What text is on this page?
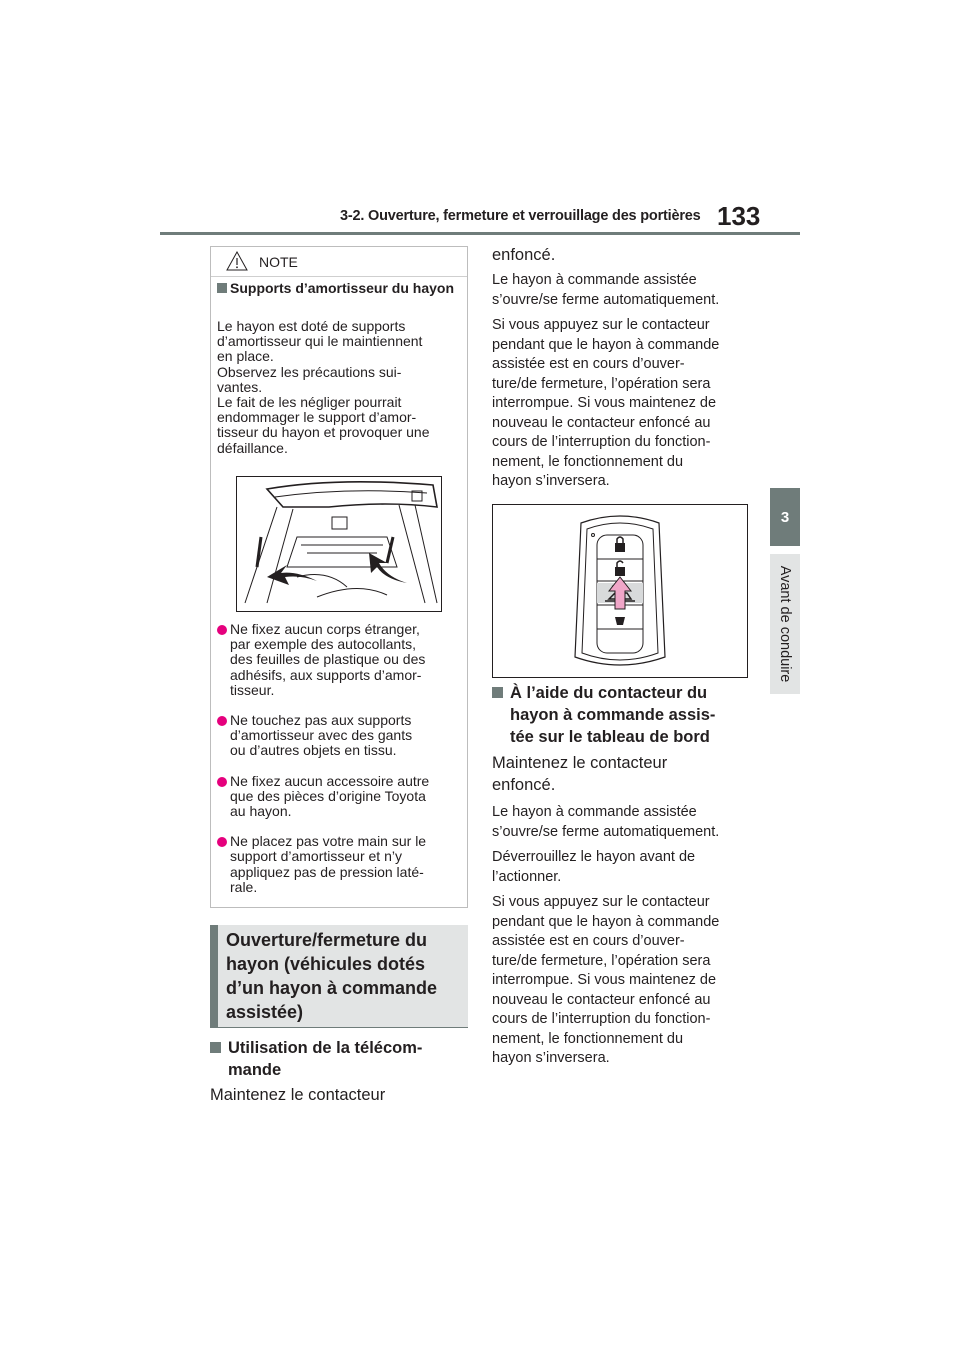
3-2. Ouverture, fermeture et verrouillage des portières 133
3
Avant de conduire
NOTE
Supports d’amortisseur du hayon

Le hayon est doté de supports

d’amortisseur qui le maintiennent

en place.

Observez les précautions sui-

vantes.

Le fait de les négliger pourrait

endommager le support d’amor-

tisseur du hayon et provoquer une

défaillance.

Ne fixez aucun corps étranger,
par exemple des autocollants,
des feuilles de plastique ou des
adhésifs, aux supports d’amor-
tisseur.
Ne touchez pas aux supports
d’amortisseur avec des gants
ou d’autres objets en tissu.
Ne fixez aucun accessoire autre
que des pièces d’origine Toyota
au hayon.
Ne placez pas votre main sur le
support d’amortisseur et n’y
appliquez pas de pression laté-
rale.
Ouverture/fermeture du
hayon (véhicules dotés
d’un hayon à commande
assistée)
Utilisation de la télécom-
mande
Maintenez le contacteur
enfoncé.
Le hayon à commande assistée
s’ouvre/se ferme automatiquement.
Si vous appuyez sur le contacteur
pendant que le hayon à commande
assistée est en cours d’ouver-
ture/de fermeture, l’opération sera
interrompue. Si vous maintenez de
nouveau le contacteur enfoncé au
cours de l’interruption du fonction-
nement, le fonctionnement du
hayon s’inversera.
À l’aide du contacteur du
hayon à commande assis-
tée sur le tableau de bord
Maintenez le contacteur
enfoncé.
Le hayon à commande assistée
s’ouvre/se ferme automatiquement.
Déverrouillez le hayon avant de
l’actionner.
Si vous appuyez sur le contacteur
pendant que le hayon à commande
assistée est en cours d’ouver-
ture/de fermeture, l’opération sera
interrompue. Si vous maintenez de
nouveau le contacteur enfoncé au
cours de l’interruption du fonction-
nement, le fonctionnement du
hayon s’inversera.
